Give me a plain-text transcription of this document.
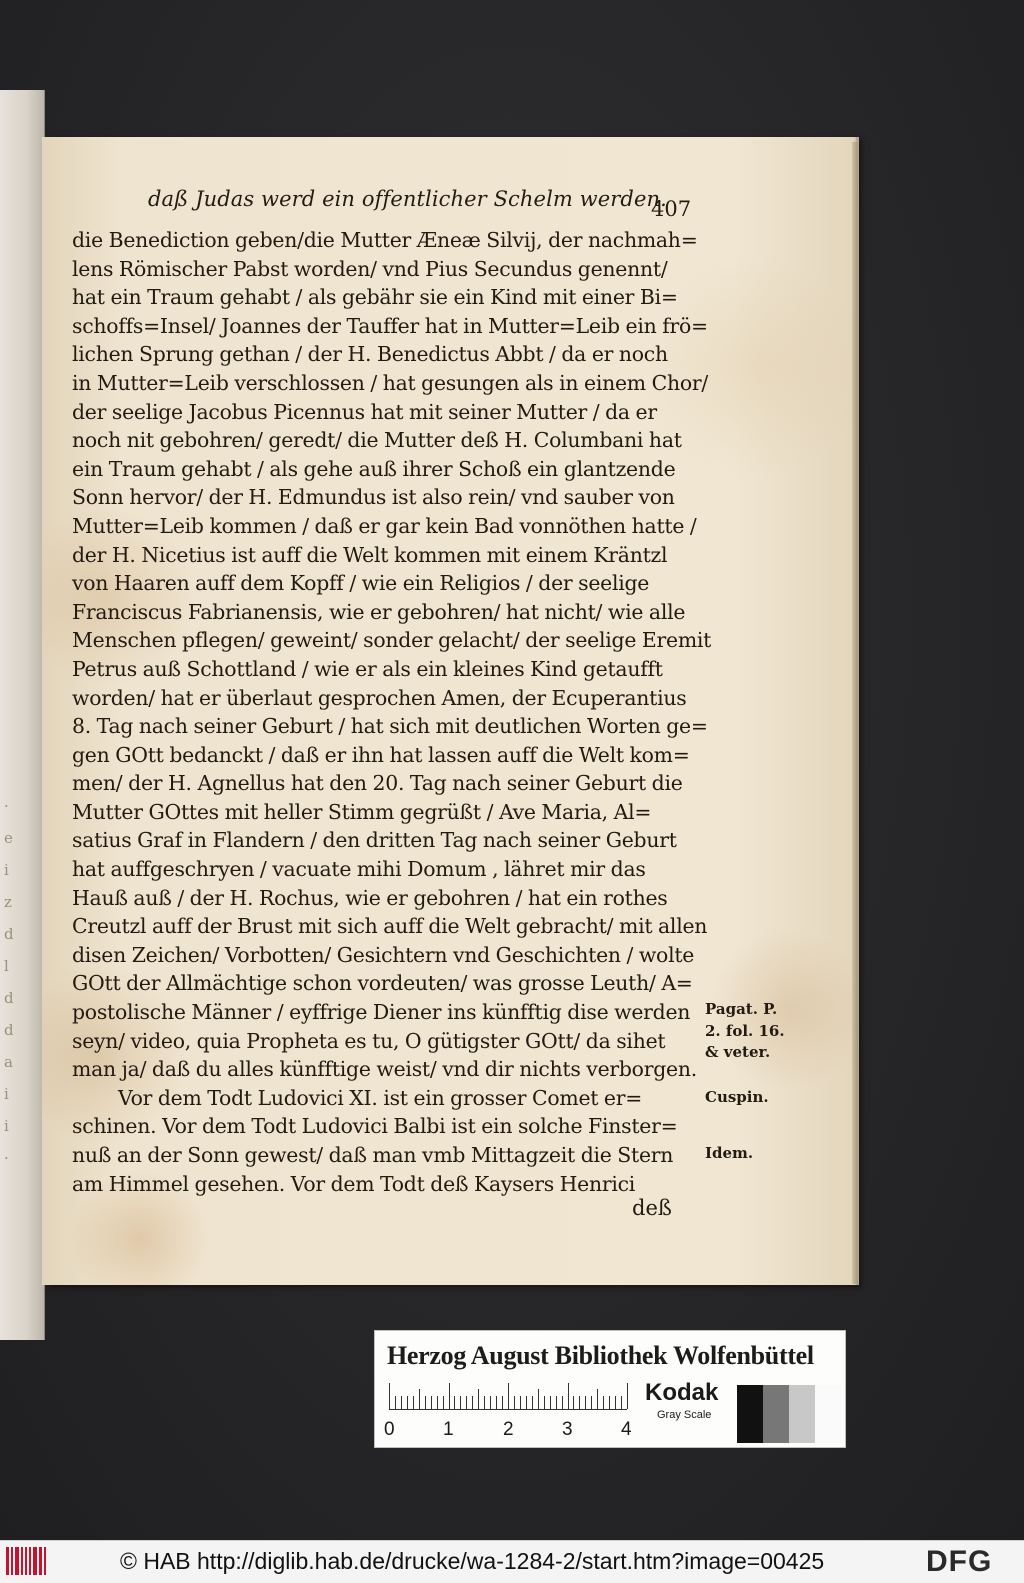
·
e
i
z
d
l
d
d
a
i
i
·
daß Judas werd ein offentlicher Schelm werden.
407
die Benediction geben/die Mutter Æneæ Silvij, der nachmah=
lens Römischer Pabst worden/ vnd Pius Secundus genennt/
hat ein Traum gehabt / als gebähr sie ein Kind mit einer Bi=
schoffs=Insel/ Joannes der Tauffer hat in Mutter=Leib ein frö=
lichen Sprung gethan / der H. Benedictus Abbt / da er noch
in Mutter=Leib verschlossen / hat gesungen als in einem Chor/
der seelige Jacobus Picennus hat mit seiner Mutter / da er
noch nit gebohren/ geredt/ die Mutter deß H. Columbani hat
ein Traum gehabt / als gehe auß ihrer Schoß ein glantzende
Sonn hervor/ der H. Edmundus ist also rein/ vnd sauber von
Mutter=Leib kommen / daß er gar kein Bad vonnöthen hatte /
der H. Nicetius ist auff die Welt kommen mit einem Kräntzl
von Haaren auff dem Kopff / wie ein Religios / der seelige
Franciscus Fabrianensis, wie er gebohren/ hat nicht/ wie alle
Menschen pflegen/ geweint/ sonder gelacht/ der seelige Eremit
Petrus auß Schottland / wie er als ein kleines Kind getaufft
worden/ hat er überlaut gesprochen Amen, der Ecuperantius
8. Tag nach seiner Geburt / hat sich mit deutlichen Worten ge=
gen GOtt bedanckt / daß er ihn hat lassen auff die Welt kom=
men/ der H. Agnellus hat den 20. Tag nach seiner Geburt die
Mutter GOttes mit heller Stimm gegrüßt / Ave Maria, Al=
satius Graf in Flandern / den dritten Tag nach seiner Geburt
hat auffgeschryen / vacuate mihi Domum , lähret mir das
Hauß auß / der H. Rochus, wie er gebohren / hat ein rothes
Creutzl auff der Brust mit sich auff die Welt gebracht/ mit allen
disen Zeichen/ Vorbotten/ Gesichtern vnd Geschichten / wolte
GOtt der Allmächtige schon vordeuten/ was grosse Leuth/ A=
postolische Männer / eyffrige Diener ins künfftig dise werden
seyn/ video, quia Propheta es tu, O gütigster GOtt/ da sihet
man ja/ daß du alles künfftige weist/ vnd dir nichts verborgen.
Vor dem Todt Ludovici XI. ist ein grosser Comet er=
schinen. Vor dem Todt Ludovici Balbi ist ein solche Finster=
nuß an der Sonn gewest/ daß man vmb Mittagzeit die Stern
am Himmel gesehen. Vor dem Todt deß Kaysers Henrici
Pagat. P.
2. fol. 16.
& veter.
Cuspin.
Idem.
deß
Herzog August Bibliothek Wolfenbüttel
0	1	2	3	4
Kodak
Gray Scale
© HAB http://diglib.hab.de/drucke/wa-1284-2/start.htm?image=00425	DFG
